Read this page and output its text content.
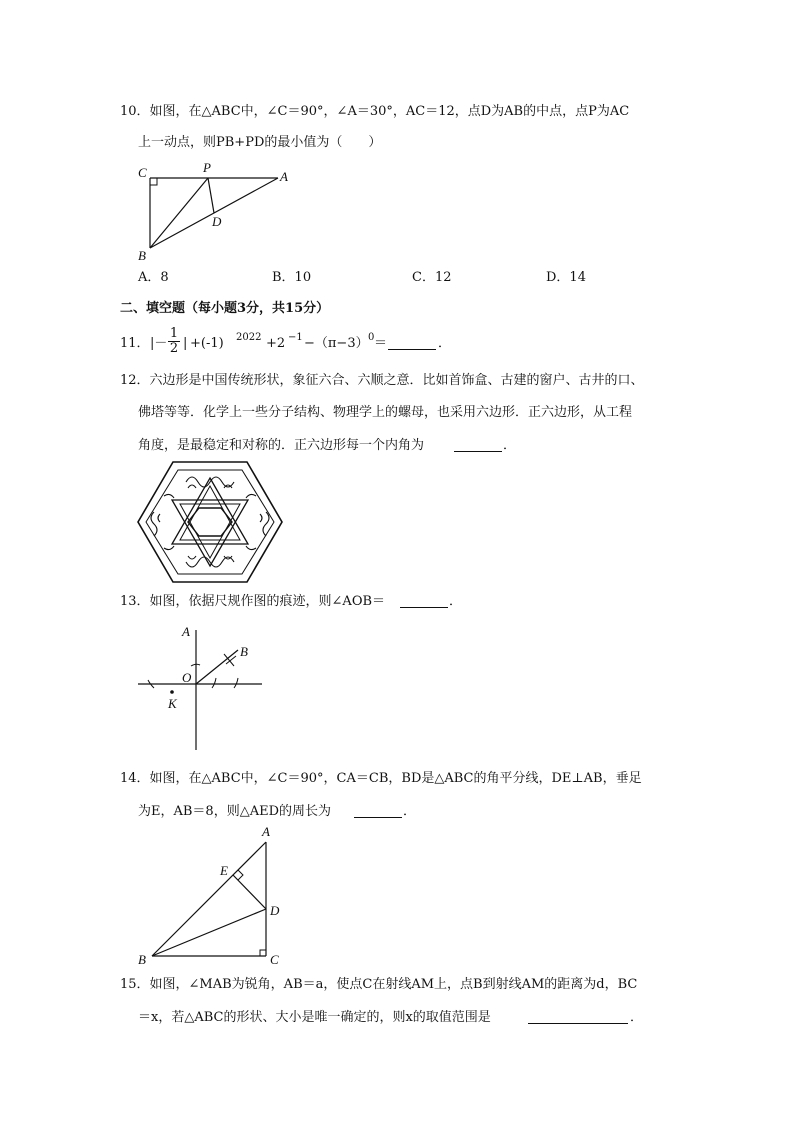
10．如图，在△ABC中，∠C＝90°，∠A＝30°，AC＝12，点D为AB的中点，点P为AC
上一动点，则PB+PD的最小值为（　　）
C	P
A
D
B
A．8	B．10	C．12	D．14
二、填空题（每小题3分，共15分）
11． |－
1
2 | +(-1) 2022 +2 −1 −（π−3） 0 ＝	．
12．六边形是中国传统形状，象征六合、六顺之意．比如首饰盒、古建的窗户、古井的口、
佛塔等等．化学上一些分子结构、物理学上的螺母，也采用六边形．正六边形，从工程
角度，是最稳定和对称的．正六边形每一个内角为	．
13．如图，依据尺规作图的痕迹，则∠AOB＝	．
A
B
O
K
14．如图，在△ABC中，∠C＝90°，CA＝CB，BD是△ABC的角平分线，DE⊥AB，垂足
为E，AB＝8，则△AED的周长为	．
A
E
D
B	C
15．如图，∠MAB为锐角，AB＝a，使点C在射线AM上，点B到射线AM的距离为d，BC
＝x，若△ABC的形状、大小是唯一确定的，则x的取值范围是	．
